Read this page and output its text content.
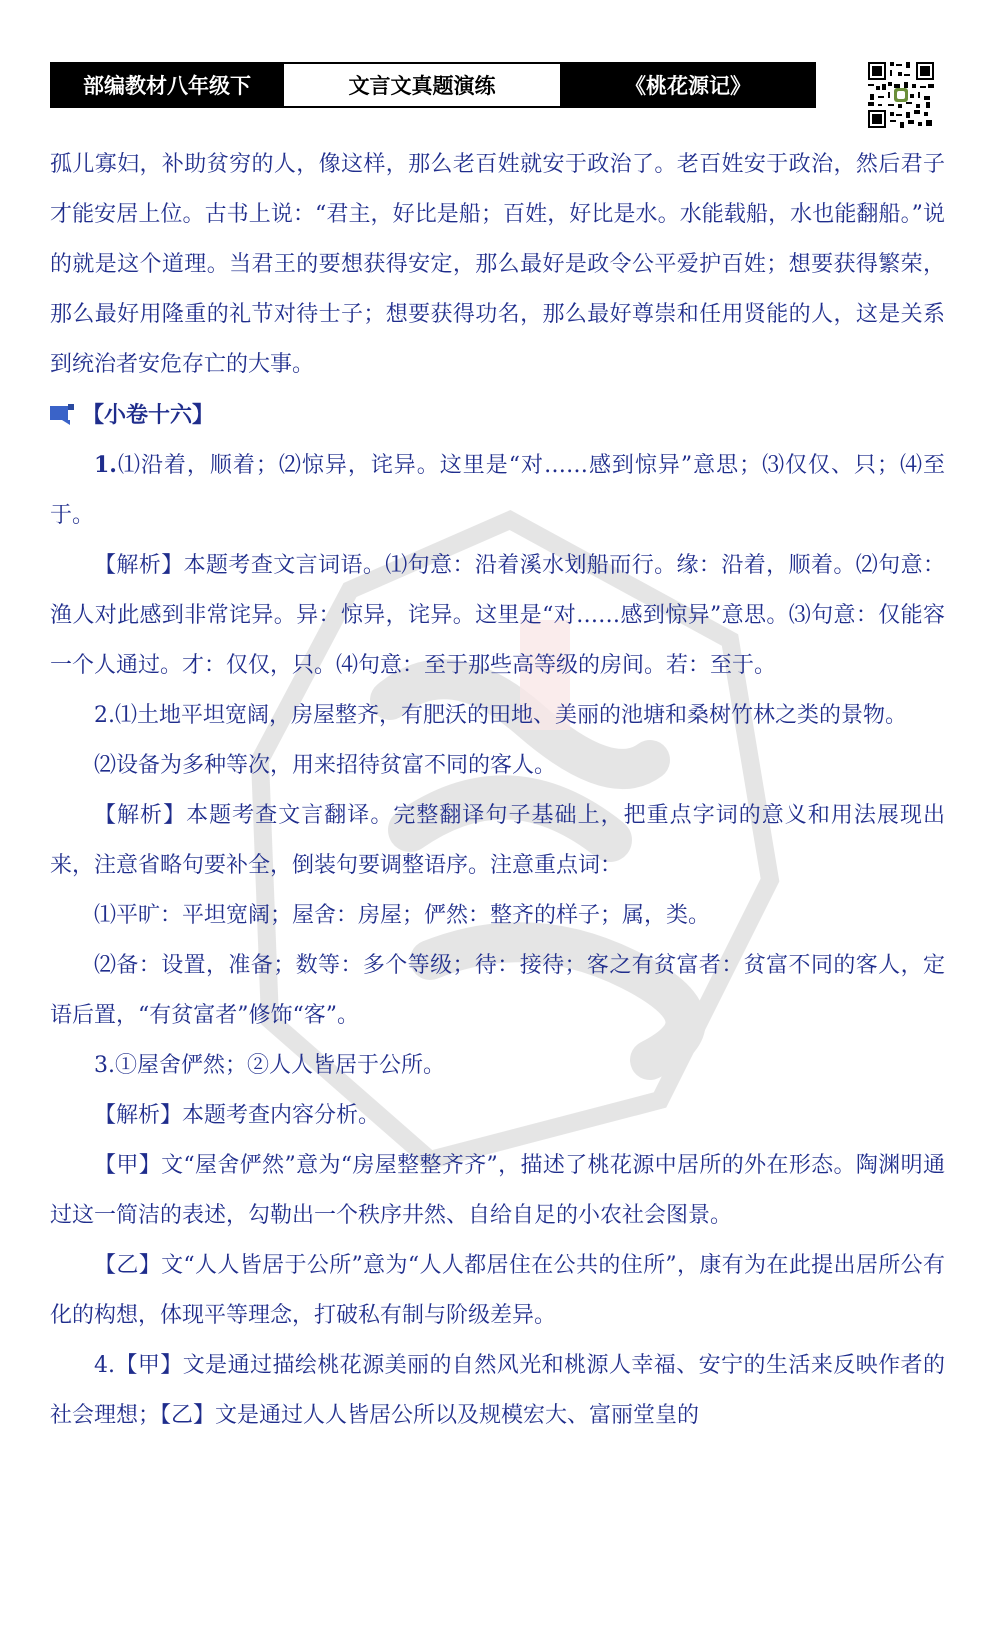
部编教材八年级下	文言文真题演练	《桃花源记》

孤儿寡妇，补助贫穷的人，像这样，那么老百姓就安于政治了。老百姓安于政治，然后君子才能安居上位。古书上说：“君主，好比是船；百姓，好比是水。水能载船，水也能翻船。”说的就是这个道理。当君王的要想获得安定，那么最好是政令公平爱护百姓；想要获得繁荣，那么最好用隆重的礼节对待士子；想要获得功名，那么最好尊崇和任用贤能的人，这是关系到统治者安危存亡的大事。

【小卷十六】

1.⑴沿着，顺着；⑵惊异，诧异。这里是“对……感到惊异”意思；⑶仅仅、只；⑷至于。

【解析】本题考查文言词语。⑴句意：沿着溪水划船而行。缘：沿着，顺着。⑵句意：渔人对此感到非常诧异。异：惊异，诧异。这里是“对……感到惊异”意思。⑶句意：仅能容一个人通过。才：仅仅，只。⑷句意：至于那些高等级的房间。若：至于。

2.⑴土地平坦宽阔，房屋整齐，有肥沃的田地、美丽的池塘和桑树竹林之类的景物。

⑵设备为多种等次，用来招待贫富不同的客人。

【解析】本题考查文言翻译。完整翻译句子基础上，把重点字词的意义和用法展现出来，注意省略句要补全，倒装句要调整语序。注意重点词：

⑴平旷：平坦宽阔；屋舍：房屋；俨然：整齐的样子；属，类。

⑵备：设置，准备；数等：多个等级；待：接待；客之有贫富者：贫富不同的客人，定语后置，“有贫富者”修饰“客”。

3.①屋舍俨然；②人人皆居于公所。

【解析】本题考查内容分析。

【甲】文“屋舍俨然”意为“房屋整整齐齐”，描述了桃花源中居所的外在形态。陶渊明通过这一简洁的表述，勾勒出一个秩序井然、自给自足的小农社会图景。

【乙】文“人人皆居于公所”意为“人人都居住在公共的住所”，康有为在此提出居所公有化的构想，体现平等理念，打破私有制与阶级差异。

4.【甲】文是通过描绘桃花源美丽的自然风光和桃源人幸福、安宁的生活来反映作者的社会理想；【乙】文是通过人人皆居公所以及规模宏大、富丽堂皇的
